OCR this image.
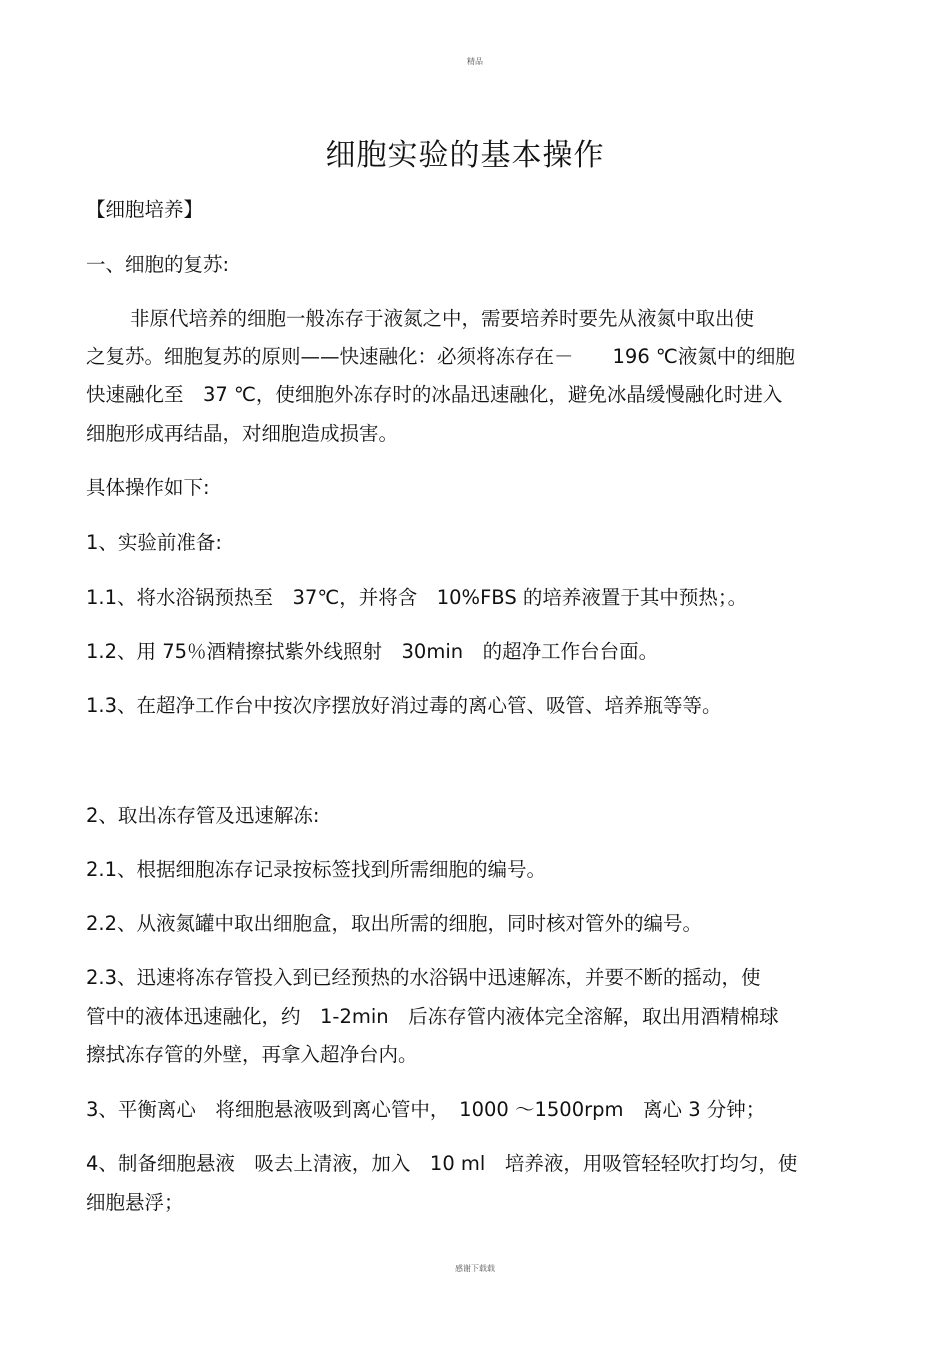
精品
细胞实验的基本操作
【细胞培养】
一、细胞的复苏:
非原代培养的细胞一般冻存于液氮之中，需要培养时要先从液氮中取出使
之复苏。细胞复苏的原则——快速融化：必须将冻存在－　　196 ℃液氮中的细胞
快速融化至　37 ℃，使细胞外冻存时的冰晶迅速融化，避免冰晶缓慢融化时进入
细胞形成再结晶，对细胞造成损害。
具体操作如下:
1、实验前准备:
1.1、将水浴锅预热至　37℃，并将含　10%FBS 的培养液置于其中预热；。
1.2、用 75％酒精擦拭紫外线照射　30min　的超净工作台台面。
1.3、在超净工作台中按次序摆放好消过毒的离心管、吸管、培养瓶等等。
2、取出冻存管及迅速解冻:
2.1、根据细胞冻存记录按标签找到所需细胞的编号。
2.2、从液氮罐中取出细胞盒，取出所需的细胞，同时核对管外的编号。
2.3、迅速将冻存管投入到已经预热的水浴锅中迅速解冻，并要不断的摇动，使
管中的液体迅速融化，约　1-2min　后冻存管内液体完全溶解，取出用酒精棉球
擦拭冻存管的外壁，再拿入超净台内。
3、平衡离心　将细胞悬液吸到离心管中，　1000 ～1500rpm　离心 3 分钟；
4、制备细胞悬液　吸去上清液，加入　10 ml　培养液，用吸管轻轻吹打均匀，使
细胞悬浮；
感谢下载载
